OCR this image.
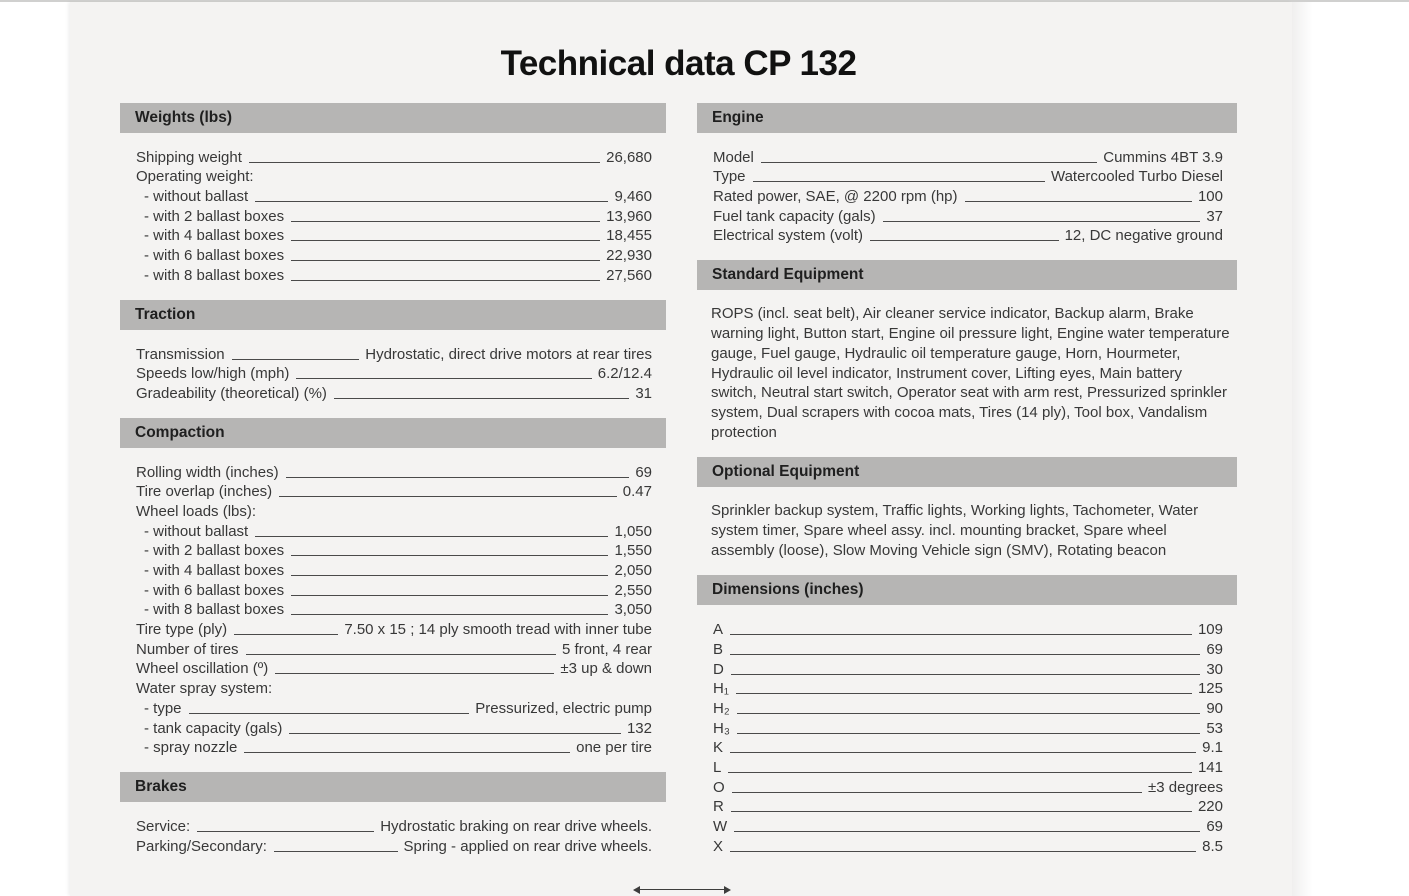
Technical data CP 132
Weights (lbs)
Shipping weight	26,680
Operating weight:
- without ballast	9,460
- with 2 ballast boxes	13,960
- with 4 ballast boxes	18,455
- with 6 ballast boxes	22,930
- with 8 ballast boxes	27,560
Traction
Transmission	Hydrostatic, direct drive motors at rear tires
Speeds low/high (mph)	6.2/12.4
Gradeability (theoretical) (%)	31
Compaction
Rolling width (inches)	69
Tire overlap (inches)	0.47
Wheel loads (lbs):
- without ballast	1,050
- with 2 ballast boxes	1,550
- with 4 ballast boxes	2,050
- with 6 ballast boxes	2,550
- with 8 ballast boxes	3,050
Tire type (ply)	7.50 x 15 ; 14 ply smooth tread with inner tube
Number of tires	5 front, 4 rear
Wheel oscillation (º)	±3 up & down
Water spray system:
- type	Pressurized, electric pump
- tank capacity (gals)	132
- spray nozzle	one per tire
Brakes
Service:	Hydrostatic braking on rear drive wheels.
Parking/Secondary:	Spring - applied on rear drive wheels.
Engine
Model	Cummins 4BT 3.9
Type	Watercooled Turbo Diesel
Rated power, SAE, @ 2200 rpm (hp)	100
Fuel tank capacity (gals)	37
Electrical system (volt)	12, DC negative ground
Standard Equipment
ROPS (incl. seat belt), Air cleaner service indicator, Backup alarm, Brake warning light, Button start, Engine oil pressure light, Engine water temperature gauge, Fuel gauge, Hydraulic oil temperature gauge, Horn, Hourmeter, Hydraulic oil level indicator, Instrument cover, Lifting eyes, Main battery switch, Neutral start switch, Operator seat with arm rest, Pressurized sprinkler system, Dual scrapers with cocoa mats, Tires (14 ply), Tool box, Vandalism protection
Optional Equipment
Sprinkler backup system, Traffic lights, Working lights, Tachometer, Water system timer, Spare wheel assy. incl. mounting bracket, Spare wheel assembly (loose), Slow Moving Vehicle sign (SMV), Rotating beacon
Dimensions (inches)
A	109
B	69
D	30
H₁	125
H₂	90
H₃	53
K	9.1
L	141
O	±3 degrees
R	220
W	69
X	8.5
